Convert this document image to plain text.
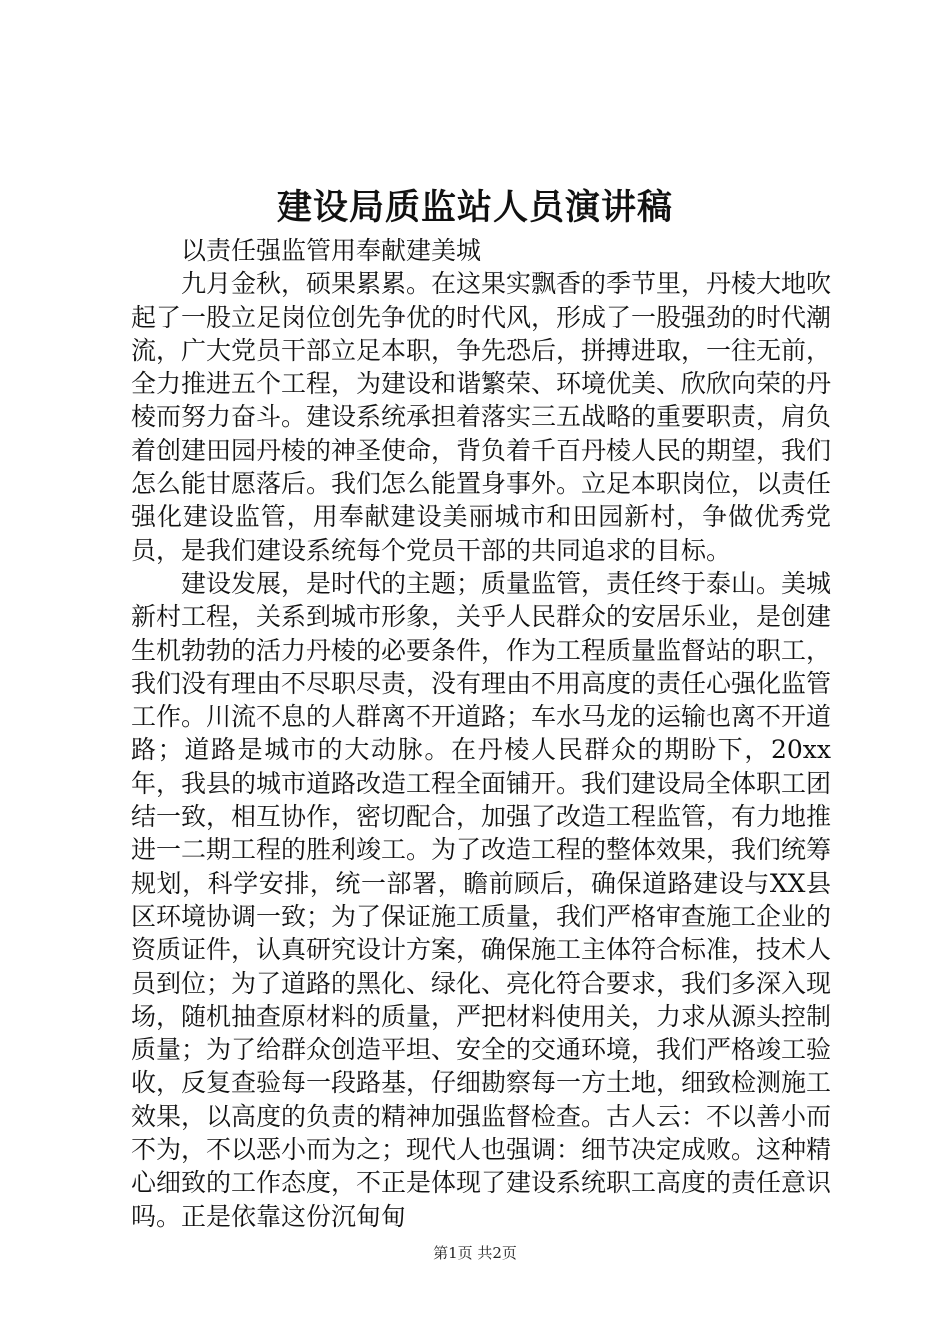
建设局质监站人员演讲稿

以责任强监管用奉献建美城

九月金秋，硕果累累。在这果实飘香的季节里，丹棱大地吹起了一股立足岗位创先争优的时代风，形成了一股强劲的时代潮流，广大党员干部立足本职，争先恐后，拼搏进取，一往无前，全力推进五个工程，为建设和谐繁荣、环境优美、欣欣向荣的丹棱而努力奋斗。建设系统承担着落实三五战略的重要职责，肩负着创建田园丹棱的神圣使命，背负着千百丹棱人民的期望，我们怎么能甘愿落后。我们怎么能置身事外。立足本职岗位，以责任强化建设监管，用奉献建设美丽城市和田园新村，争做优秀党员，是我们建设系统每个党员干部的共同追求的目标。

建设发展，是时代的主题；质量监管，责任终于泰山。美城新村工程，关系到城市形象，关乎人民群众的安居乐业，是创建生机勃勃的活力丹棱的必要条件，作为工程质量监督站的职工，我们没有理由不尽职尽责，没有理由不用高度的责任心强化监管工作。川流不息的人群离不开道路；车水马龙的运输也离不开道路；道路是城市的大动脉。在丹棱人民群众的期盼下，20xx年，我县的城市道路改造工程全面铺开。我们建设局全体职工团结一致，相互协作，密切配合，加强了改造工程监管，有力地推进一二期工程的胜利竣工。为了改造工程的整体效果，我们统筹规划，科学安排，统一部署，瞻前顾后，确保道路建设与XX县区环境协调一致；为了保证施工质量，我们严格审查施工企业的资质证件，认真研究设计方案，确保施工主体符合标准，技术人员到位；为了道路的黑化、绿化、亮化符合要求，我们多深入现场，随机抽查原材料的质量，严把材料使用关，力求从源头控制质量；为了给群众创造平坦、安全的交通环境，我们严格竣工验收，反复查验每一段路基，仔细勘察每一方土地，细致检测施工效果，以高度的负责的精神加强监督检查。古人云：不以善小而不为，不以恶小而为之；现代人也强调：细节决定成败。这种精心细致的工作态度，不正是体现了建设系统职工高度的责任意识吗。正是依靠这份沉甸甸

第1页 共2页
